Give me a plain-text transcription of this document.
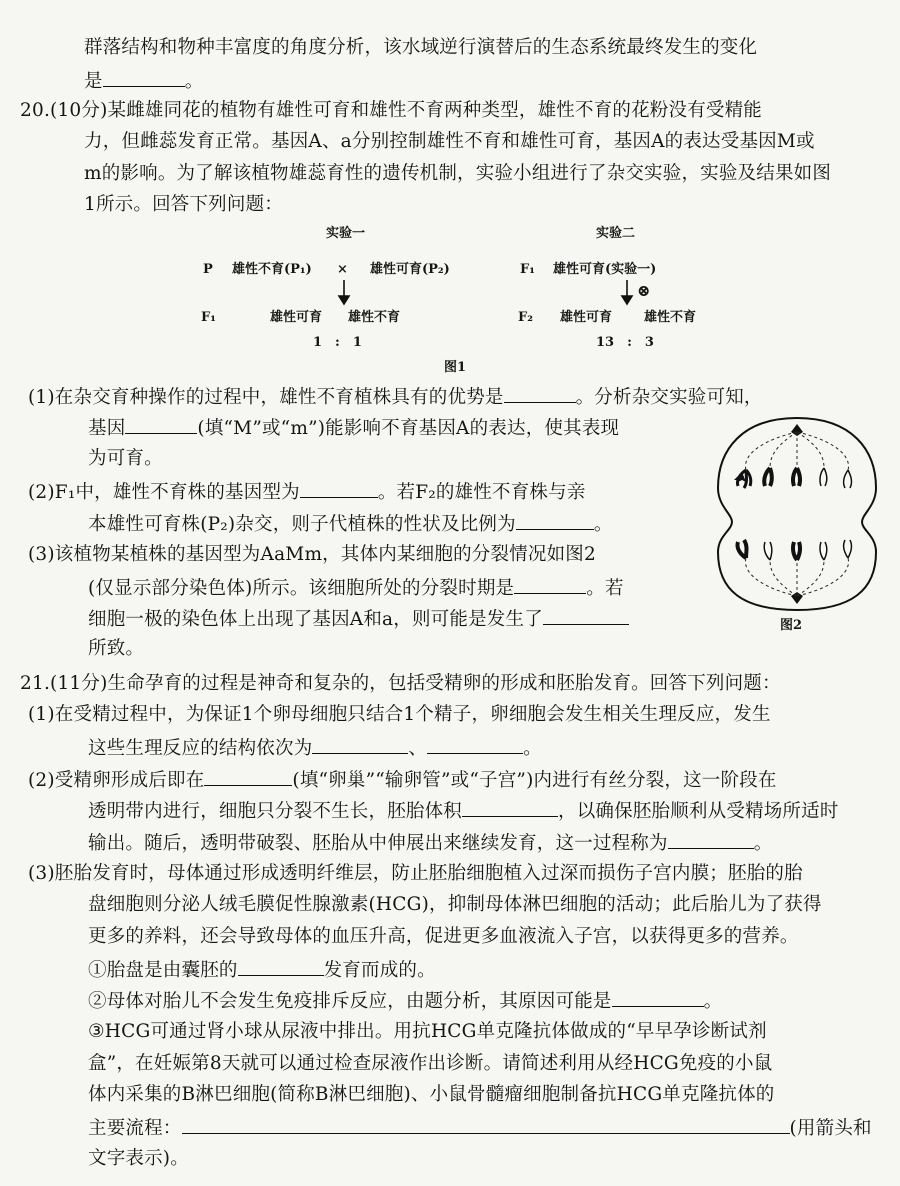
群落结构和物种丰富度的角度分析，该水域逆行演替后的生态系统最终发生的变化
是	。
20.(10分)某雌雄同花的植物有雄性可育和雄性不育两种类型，雄性不育的花粉没有受精能
力，但雌蕊发育正常。基因A、a分别控制雄性不育和雄性可育，基因A的表达受基因M或
m的影响。为了解该植物雄蕊育性的遗传机制，实验小组进行了杂交实验，实验及结果如图
1所示。回答下列问题：
实验一	实验二
P 雄性不育(P₁) × 雄性可育(P₂)	F₁ 雄性可育(实验一)
⊗
F₁	雄性可育 雄性不育
1　:　1
F₂ 雄性可育 雄性不育
13　:　3
图1
(1)在杂交育种操作的过程中，雄性不育植株具有的优势是	。分析杂交实验可知，
基因	(填“M”或“m”)能影响不育基因A的表达，使其表现
为可育。
(2)F₁中，雄性不育株的基因型为	。若F₂的雄性不育株与亲
本雄性可育株(P₂)杂交，则子代植株的性状及比例为	。
(3)该植物某植株的基因型为AaMm，其体内某细胞的分裂情况如图2
(仅显示部分染色体)所示。该细胞所处的分裂时期是	。若
细胞一极的染色体上出现了基因A和a，则可能是发生了
所致。
图2
21.(11分)生命孕育的过程是神奇和复杂的，包括受精卵的形成和胚胎发育。回答下列问题：
(1)在受精过程中，为保证1个卵母细胞只结合1个精子，卵细胞会发生相关生理反应，发生
这些生理反应的结构依次为	、	。
(2)受精卵形成后即在	(填“卵巢”“输卵管”或“子宫”)内进行有丝分裂，这一阶段在
透明带内进行，细胞只分裂不生长，胚胎体积	，以确保胚胎顺利从受精场所适时
输出。随后，透明带破裂、胚胎从中伸展出来继续发育，这一过程称为	。
(3)胚胎发育时，母体通过形成透明纤维层，防止胚胎细胞植入过深而损伤子宫内膜；胚胎的胎
盘细胞则分泌人绒毛膜促性腺激素(HCG)，抑制母体淋巴细胞的活动；此后胎儿为了获得
更多的养料，还会导致母体的血压升高，促进更多血液流入子宫，以获得更多的营养。
①胎盘是由囊胚的	发育而成的。
②母体对胎儿不会发生免疫排斥反应，由题分析，其原因可能是	。
③HCG可通过肾小球从尿液中排出。用抗HCG单克隆抗体做成的“早早孕诊断试剂
盒”，在妊娠第8天就可以通过检查尿液作出诊断。请简述利用从经HCG免疫的小鼠
体内采集的B淋巴细胞(简称B淋巴细胞)、小鼠骨髓瘤细胞制备抗HCG单克隆抗体的
主要流程：	(用箭头和
文字表示)。
